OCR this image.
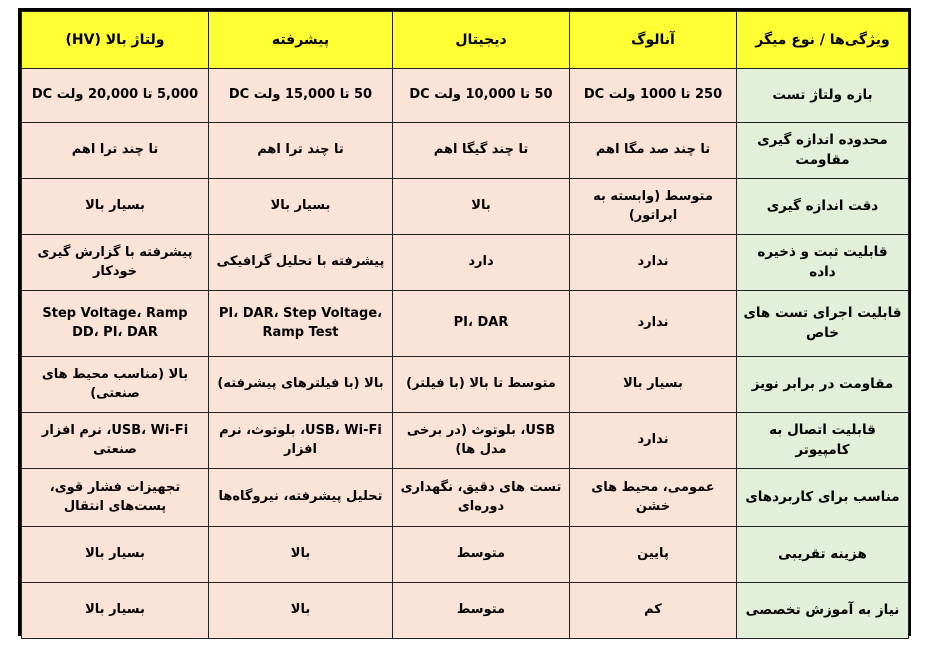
ویژگی‌ها / نوع میگر	آنالوگ	دیجیتال	پیشرفته	ولتاژ بالا (HV)
بازه ولتاژ تست	250 تا 1000 ولت DC	50 تا 10,000 ولت DC	50 تا 15,000 ولت DC	5,000 تا 20,000 ولت DC
محدوده اندازه گیری مقاومت	تا چند صد مگا اهم	تا چند گیگا اهم	تا چند ترا اهم	تا چند ترا اهم
دقت اندازه گیری	متوسط (وابسته به اپراتور)	بالا	بسیار بالا	بسیار بالا
قابلیت ثبت و ذخیره داده	ندارد	دارد	پیشرفته با تحلیل گرافیکی	پیشرفته با گزارش گیری خودکار
قابلیت اجرای تست های خاص	ندارد	PI، DAR	PI، DAR، Step Voltage، Ramp Test	Step Voltage، Ramp DD، PI، DAR
مقاومت در برابر نویز	بسیار بالا	متوسط تا بالا (با فیلتر)	بالا (با فیلترهای پیشرفته)	بالا (مناسب محیط های صنعتی)
قابلیت اتصال به کامپیوتر	ندارد	USB، بلوتوث (در برخی مدل ها)	USB، Wi-Fi، بلوتوث، نرم افزار	USB، Wi-Fi، نرم افزار صنعتی
مناسب برای کاربردهای	عمومی، محیط های خشن	تست های دقیق، نگهداری دوره‌ای	تحلیل پیشرفته، نیروگاه‌ها	تجهیزات فشار قوی، پست‌های انتقال
هزینه تقریبی	پایین	متوسط	بالا	بسیار بالا
نیاز به آموزش تخصصی	کم	متوسط	بالا	بسیار بالا
